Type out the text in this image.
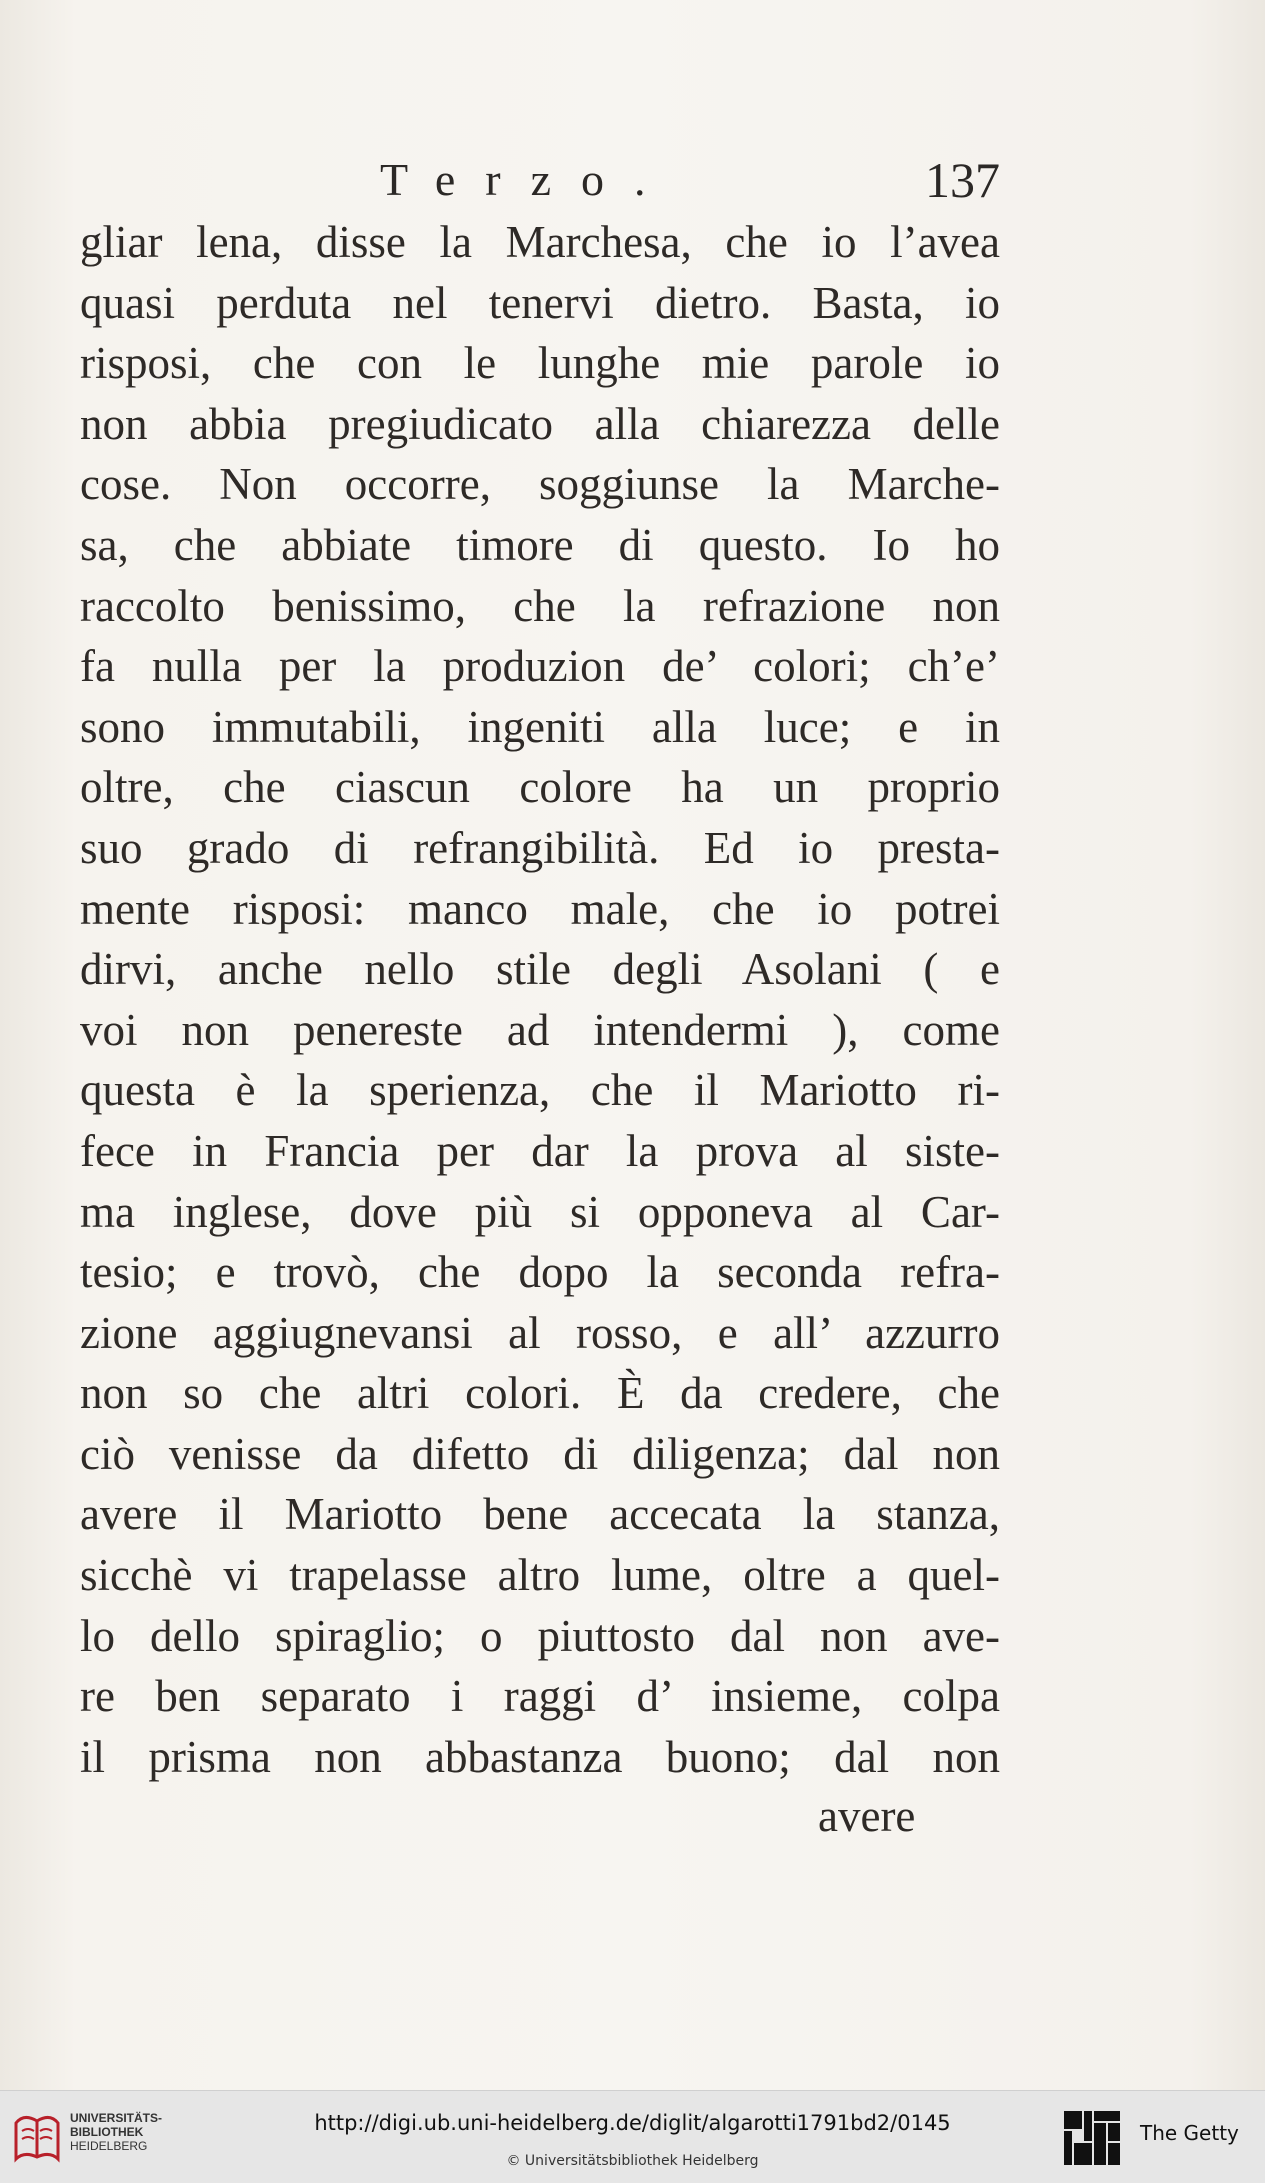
Terzo.	137
gliar lena, disse la Marchesa, che io l’avea
quasi perduta nel tenervi dietro. Basta, io
risposi, che con le lunghe mie parole io
non abbia pregiudicato alla chiarezza delle
cose. Non occorre, soggiunse la Marche-
sa, che abbiate timore di questo. Io ho
raccolto benissimo, che la refrazione non
fa nulla per la produzion de’ colori; ch’e’
sono immutabili, ingeniti alla luce; e in
oltre, che ciascun colore ha un proprio
suo grado di refrangibilità. Ed io presta-
mente risposi: manco male, che io potrei
dirvi, anche nello stile degli Asolani ( e
voi non penereste ad intendermi ), come
questa è la sperienza, che il Mariotto ri-
fece in Francia per dar la prova al siste-
ma inglese, dove più si opponeva al Car-
tesio; e trovò, che dopo la seconda refra-
zione aggiugnevansi al rosso, e all’ azzurro
non so che altri colori. È da credere, che
ciò venisse da difetto di diligenza; dal non
avere il Mariotto bene accecata la stanza,
sicchè vi trapelasse altro lume, oltre a quel-
lo dello spiraglio; o piuttosto dal non ave-
re ben separato i raggi d’ insieme, colpa
il prisma non abbastanza buono; dal non
avere
UNIVERSITÄTS-
BIBLIOTHEK
HEIDELBERG
http://digi.ub.uni-heidelberg.de/diglit/algarotti1791bd2/0145
© Universitätsbibliothek Heidelberg
The Getty
